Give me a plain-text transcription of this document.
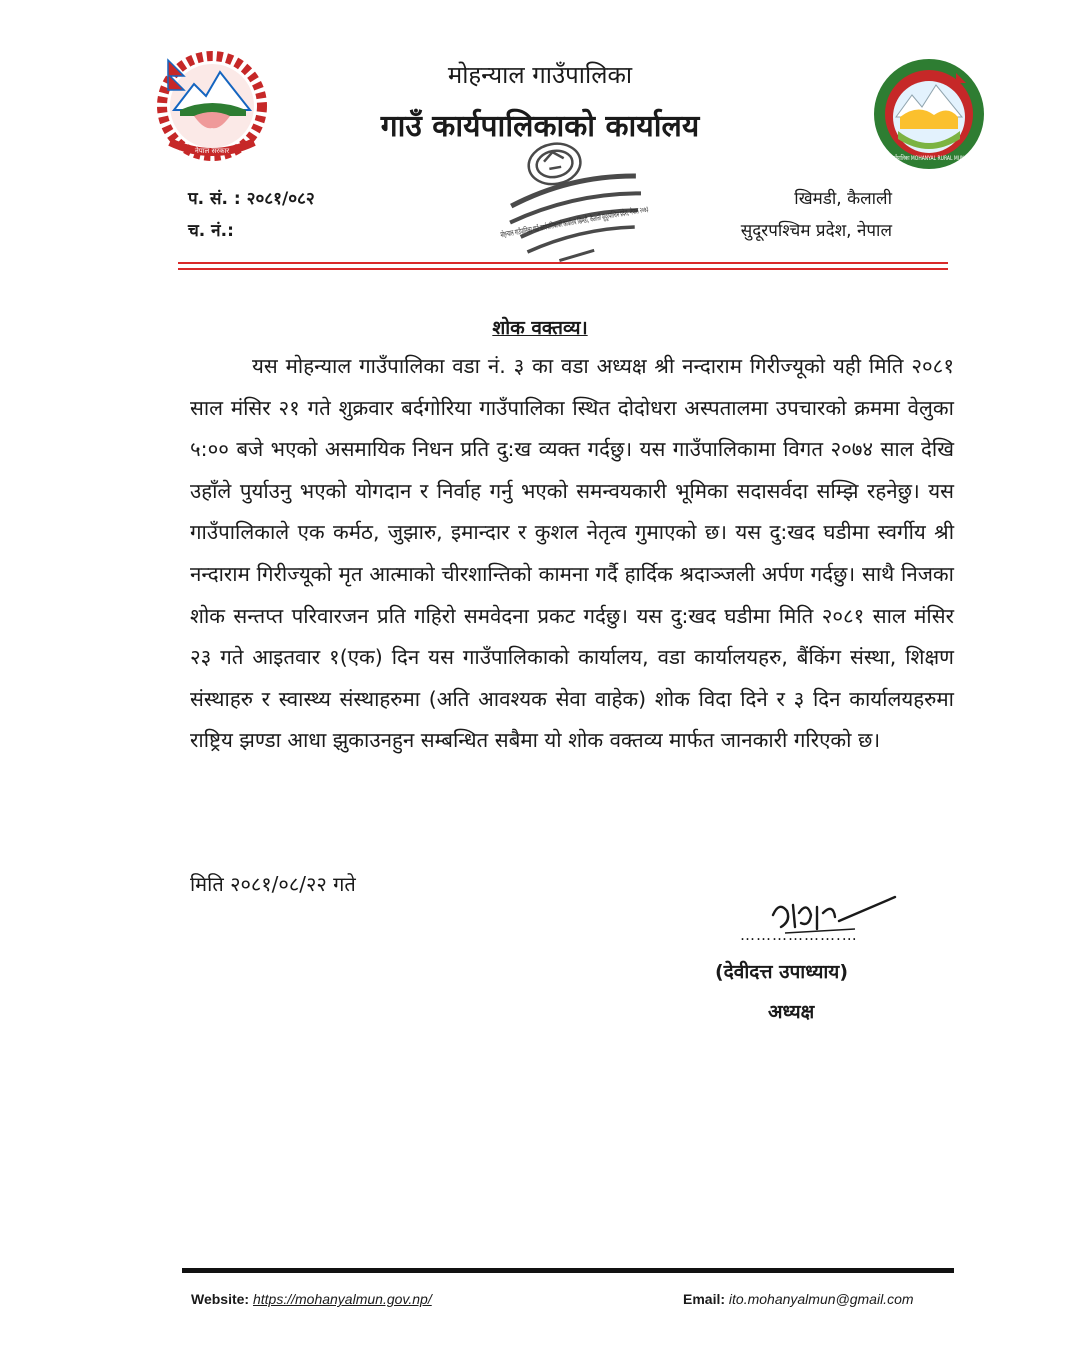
नेपाल सरकार
मोहन्याल गाउँपालिका
गाउँ कार्यपालिकाको कार्यालय
प. सं. : २०८१/०८२
च. नं.:
खिमडी, कैलाली
सुदूरपश्चिम प्रदेश, नेपाल
शोक वक्तव्य।
यस मोहन्याल गाउँपालिका वडा नं. ३ का वडा अध्यक्ष श्री नन्दाराम गिरीज्यूको यही मिति २०८१ साल मंसिर २१ गते शुक्रवार बर्दगोरिया गाउँपालिका स्थित दोदोधरा अस्पतालमा उपचारको क्रममा वेलुका ५:०० बजे भएको असमायिक निधन प्रति दु:ख व्यक्त गर्दछु। यस गाउँपालिकामा विगत २०७४ साल देखि उहाँले पुर्याउनु भएको योगदान र निर्वाह गर्नु भएको समन्वयकारी भूमिका सदासर्वदा सम्झि रहनेछु। यस गाउँपालिकाले एक कर्मठ, जुझारु, इमान्दार र कुशल नेतृत्व गुमाएको छ। यस दु:खद घडीमा स्वर्गीय श्री नन्दाराम गिरीज्यूको मृत आत्माको चीरशान्तिको कामना गर्दै हार्दिक श्रदाञ्जली अर्पण गर्दछु। साथै निजका शोक सन्तप्त परिवारजन प्रति गहिरो समवेदना प्रकट गर्दछु। यस दु:खद घडीमा मिति २०८१ साल मंसिर २३ गते आइतवार १(एक) दिन यस गाउँपालिकाको कार्यालय, वडा कार्यालयहरु, बैंकिंग संस्था, शिक्षण संस्थाहरु र स्वास्थ्य संस्थाहरुमा (अति आवश्यक सेवा वाहेक) शोक विदा दिने र ३ दिन कार्यालयहरुमा राष्ट्रिय झण्डा आधा झुकाउनहुन सम्बन्धित सबैमा यो शोक वक्तव्य मार्फत जानकारी गरिएको छ।
मिति २०८१/०८/२२ गते
……………….…
(देवीदत्त उपाध्याय)
अध्यक्ष
Website: https://mohanyalmun.gov.np/	Email: ito.mohanyalmun@gmail.com
मोहन्याल गाउँपालिका गाउँ कार्यपालिकाको कार्यालय खिमडी, कैलाली सुदूरपश्चिम प्रदेश, नेपाल २०७३
मोहन्याल गाउँपालिका MOHANYAL RURAL MUNICIPALITY
